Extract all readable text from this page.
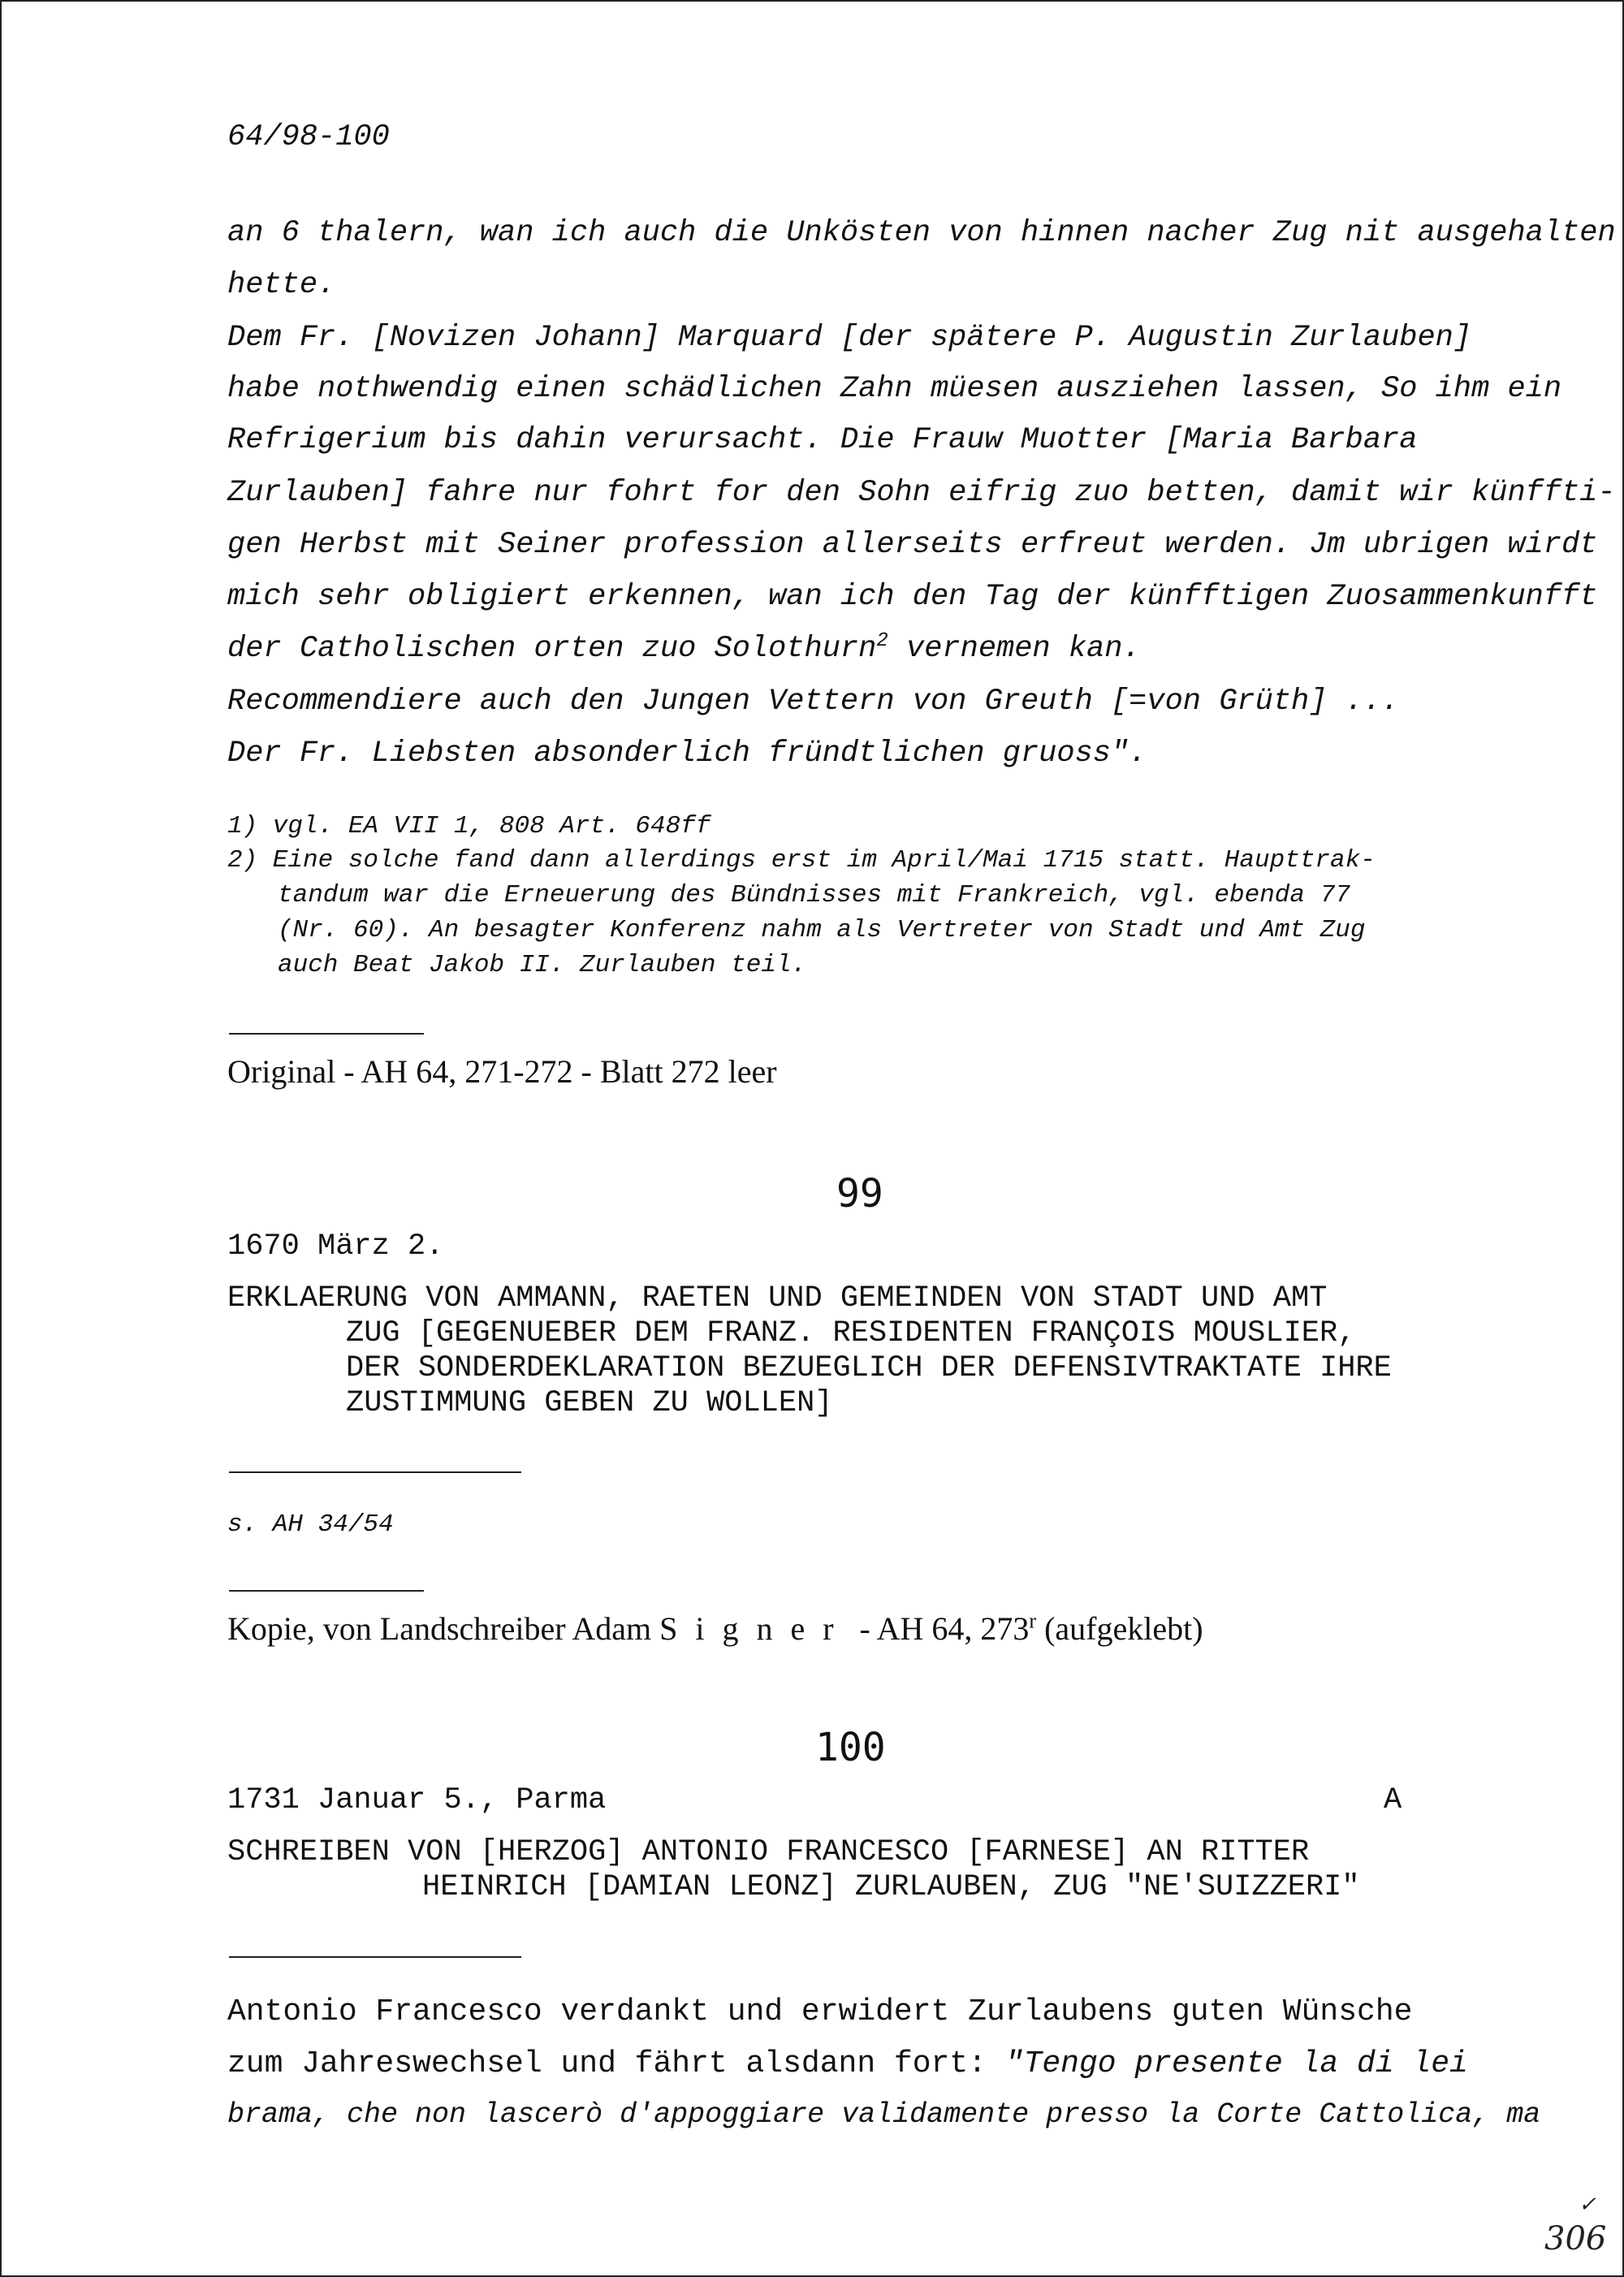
64/98-100
an 6 thalern, wan ich auch die Unkösten von hinnen nacher Zug nit ausgehalten
hette.
Dem Fr. [Novizen Johann] Marquard [der spätere P. Augustin Zurlauben]
habe nothwendig einen schädlichen Zahn müesen ausziehen lassen, So ihm ein
Refrigerium bis dahin verursacht. Die Frauw Muotter [Maria Barbara
Zurlauben] fahre nur fohrt for den Sohn eifrig zuo betten, damit wir künffti-
gen Herbst mit Seiner profession allerseits erfreut werden. Jm ubrigen wirdt
mich sehr obligiert erkennen, wan ich den Tag der künfftigen Zuosammenkunfft
der Catholischen orten zuo Solothurn$^2$ vernemen kan.
Recommendiere auch den Jungen Vettern von Greuth [=von Grüth] ...
Der Fr. Liebsten absonderlich fründtlichen gruoss".
1) vgl. EA VII 1, 808 Art. 648ff
2) Eine solche fand dann allerdings erst im April/Mai 1715 statt. Haupttrak-
tandum war die Erneuerung des Bündnisses mit Frankreich, vgl. ebenda 77
(Nr. 60). An besagter Konferenz nahm als Vertreter von Stadt und Amt Zug
auch Beat Jakob II. Zurlauben teil.
Original - AH 64, 271-272 - Blatt 272 leer
99
1670 März 2.
ERKLAERUNG VON AMMANN, RAETEN UND GEMEINDEN VON STADT UND AMT
ZUG [GEGENUEBER DEM FRANZ. RESIDENTEN FRANÇOIS MOUSLIER,
DER SONDERDEKLARATION BEZUEGLICH DER DEFENSIVTRAKTATE IHRE
ZUSTIMMUNG GEBEN ZU WOLLEN]
s. AH 34/54
Kopie, von Landschreiber Adam Signer - AH 64, 273$^r$ (aufgeklebt)
100
1731 Januar 5., Parma	A
SCHREIBEN VON [HERZOG] ANTONIO FRANCESCO [FARNESE] AN RITTER
HEINRICH [DAMIAN LEONZ] ZURLAUBEN, ZUG "NE'SUIZZERI"
Antonio Francesco verdankt und erwidert Zurlaubens guten Wünsche
zum Jahreswechsel und fährt alsdann fort: "Tengo presente la di lei
brama, che non lascerò d'appoggiare validamente presso la Corte Cattolica, ma
✓
306
